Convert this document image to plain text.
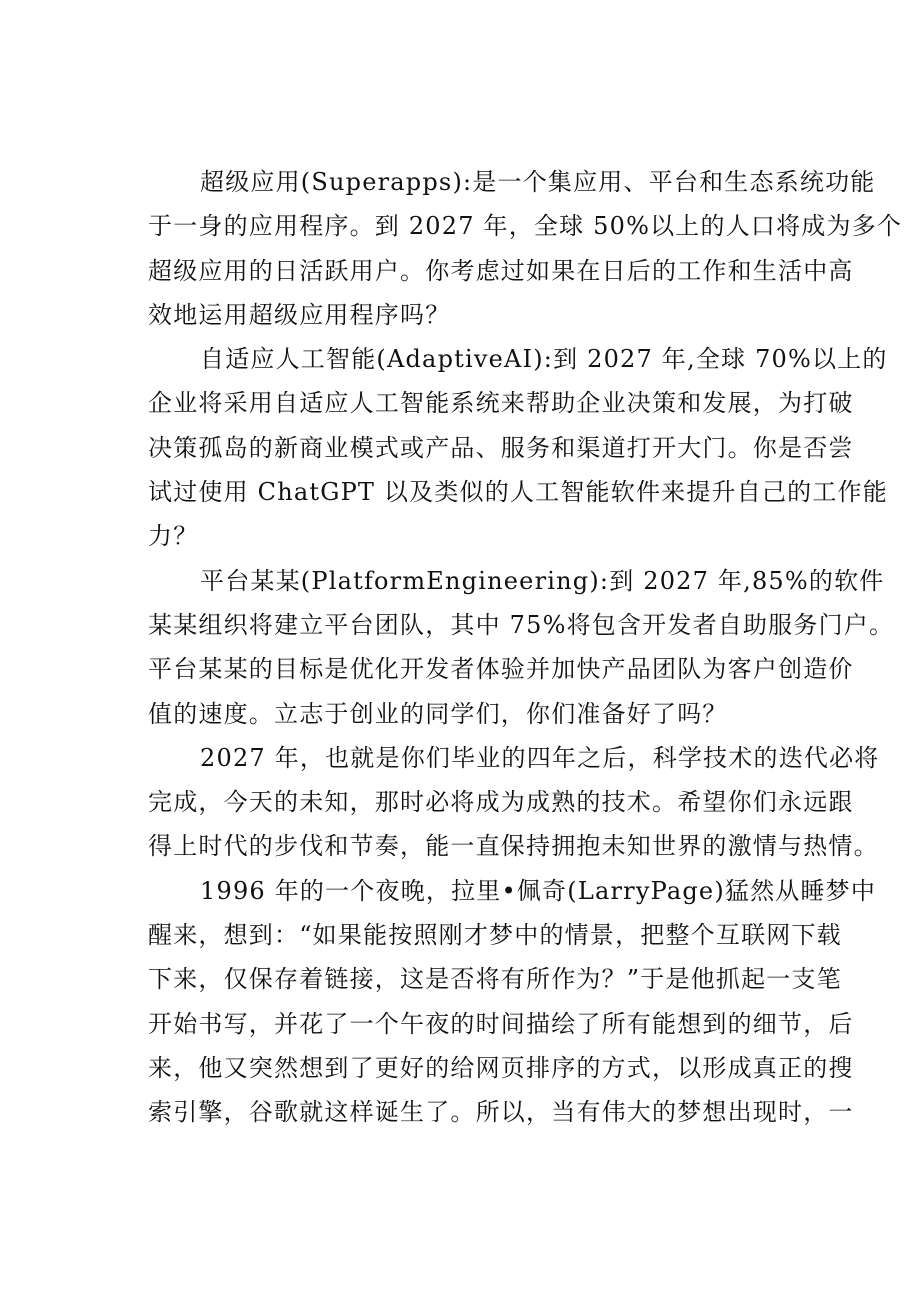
超级应用(Superapps):是一个集应用、平台和生态系统功能
于一身的应用程序。到 2027 年，全球 50%以上的人口将成为多个
超级应用的日活跃用户。你考虑过如果在日后的工作和生活中高
效地运用超级应用程序吗？
自适应人工智能(AdaptiveAI):到 2027 年,全球 70%以上的
企业将采用自适应人工智能系统来帮助企业决策和发展，为打破
决策孤岛的新商业模式或产品、服务和渠道打开大门。你是否尝
试过使用 ChatGPT 以及类似的人工智能软件来提升自己的工作能
力？
平台某某(PlatformEngineering):到 2027 年,85%的软件
某某组织将建立平台团队，其中 75%将包含开发者自助服务门户。
平台某某的目标是优化开发者体验并加快产品团队为客户创造价
值的速度。立志于创业的同学们，你们准备好了吗？
2027 年，也就是你们毕业的四年之后，科学技术的迭代必将
完成，今天的未知，那时必将成为成熟的技术。希望你们永远跟
得上时代的步伐和节奏，能一直保持拥抱未知世界的激情与热情。
1996 年的一个夜晚，拉里•佩奇(LarryPage)猛然从睡梦中
醒来，想到：“如果能按照刚才梦中的情景，把整个互联网下载
下来，仅保存着链接，这是否将有所作为？”于是他抓起一支笔
开始书写，并花了一个午夜的时间描绘了所有能想到的细节，后
来，他又突然想到了更好的给网页排序的方式，以形成真正的搜
索引擎，谷歌就这样诞生了。所以，当有伟大的梦想出现时，一
